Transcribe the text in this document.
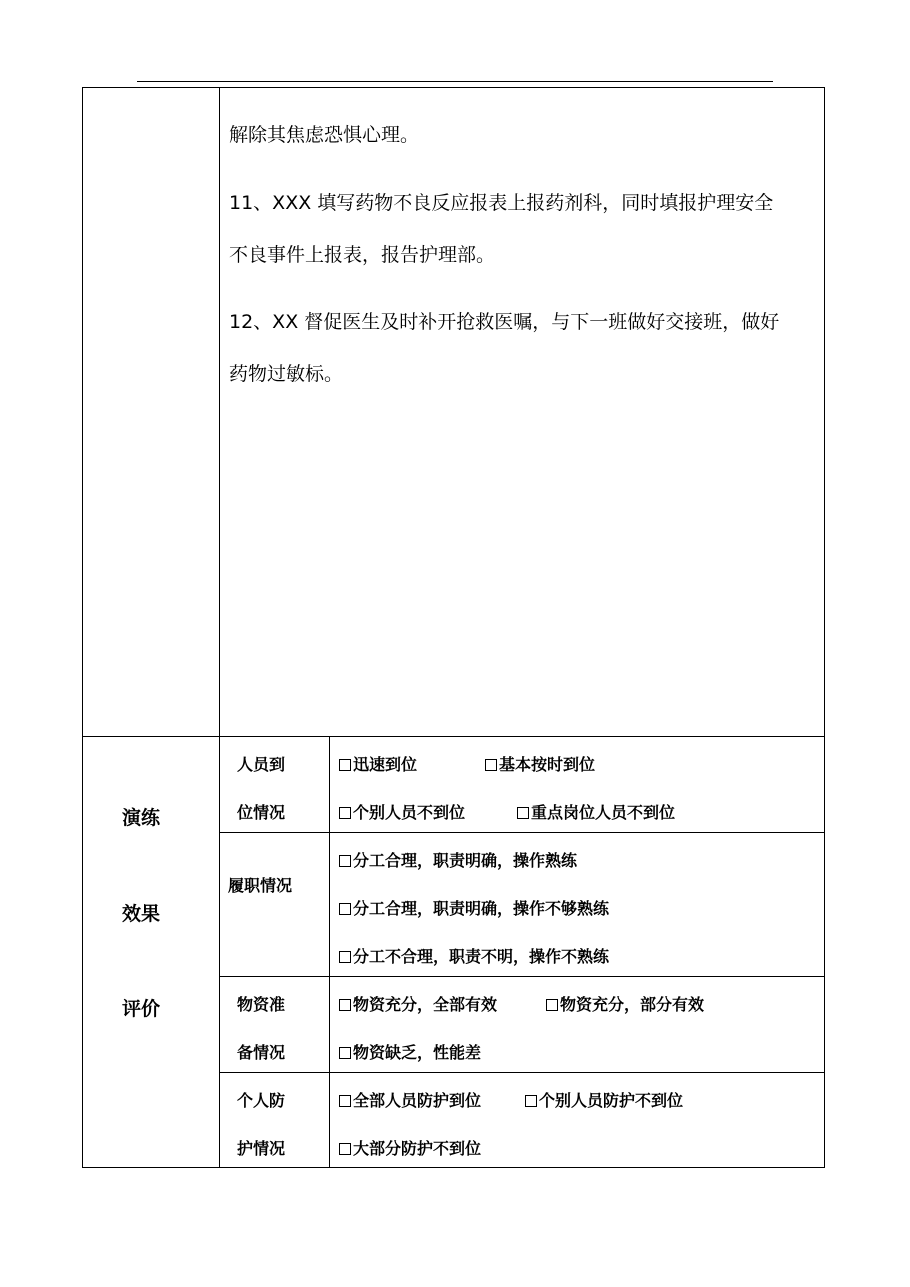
解除其焦虑恐惧心理。
11、XXX 填写药物不良反应报表上报药剂科，同时填报护理安全
不良事件上报表，报告护理部。
12、XX 督促医生及时补开抢救医嘱，与下一班做好交接班，做好
药物过敏标。
演练
效果
评价
人员到
位情况
迅速到位	基本按时到位
个别人员不到位	重点岗位人员不到位
履职情况
分工合理，职责明确，操作熟练
分工合理，职责明确，操作不够熟练
分工不合理，职责不明，操作不熟练
物资准
备情况
物资充分，全部有效	物资充分，部分有效
物资缺乏，性能差
个人防
护情况
全部人员防护到位	个别人员防护不到位
大部分防护不到位
